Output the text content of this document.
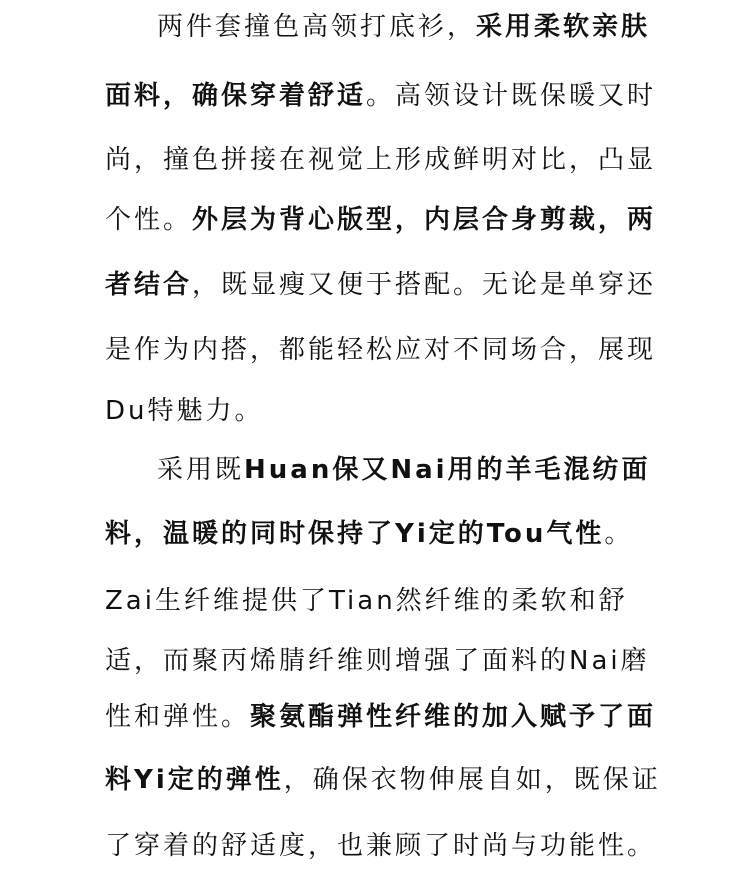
两件套撞色高领打底衫，采用柔软亲肤
面料，确保穿着舒适。高领设计既保暖又时
尚，撞色拼接在视觉上形成鲜明对比，凸显
个性。外层为背心版型，内层合身剪裁，两
者结合，既显瘦又便于搭配。无论是单穿还
是作为内搭，都能轻松应对不同场合，展现
Du特魅力。
采用既Huan保又Nai用的羊毛混纺面
料，温暖的同时保持了Yi定的Tou气性。
Zai生纤维提供了Tian然纤维的柔软和舒
适，而聚丙烯腈纤维则增强了面料的Nai磨
性和弹性。聚氨酯弹性纤维的加入赋予了面
料Yi定的弹性，确保衣物伸展自如，既保证
了穿着的舒适度，也兼顾了时尚与功能性。
